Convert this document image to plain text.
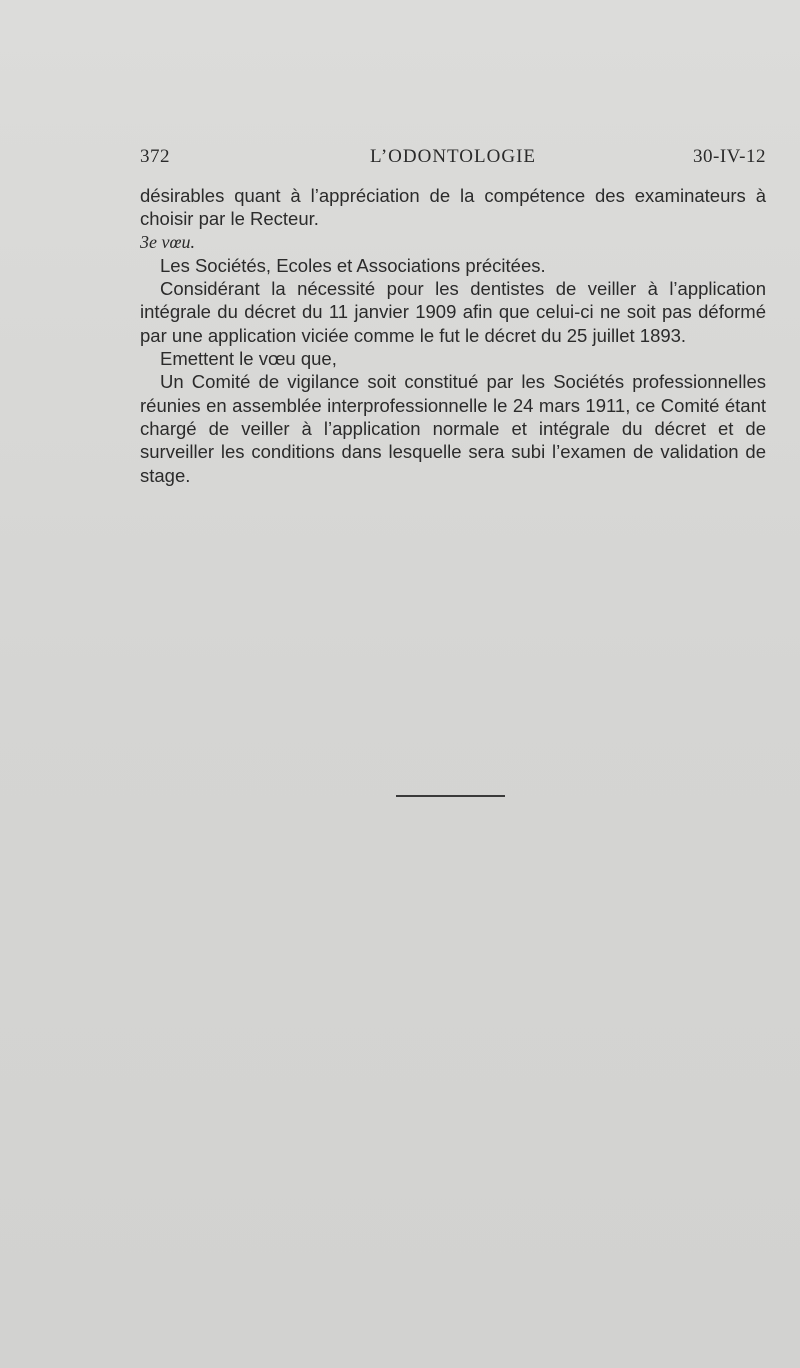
372	L’ODONTOLOGIE	30-IV-12

désirables quant à l’appréciation de la compétence des examinateurs à choisir par le Recteur.

3e vœu.

Les Sociétés, Ecoles et Associations précitées.

Considérant la nécessité pour les dentistes de veiller à l’application intégrale du décret du 11 janvier 1909 afin que celui-ci ne soit pas déformé par une application viciée comme le fut le décret du 25 juillet 1893.

Emettent le vœu que,

Un Comité de vigilance soit constitué par les Sociétés professionnelles réunies en assemblée interprofessionnelle le 24 mars 1911, ce Comité étant chargé de veiller à l’application normale et intégrale du décret et de surveiller les conditions dans lesquelle sera subi l’examen de validation de stage.
